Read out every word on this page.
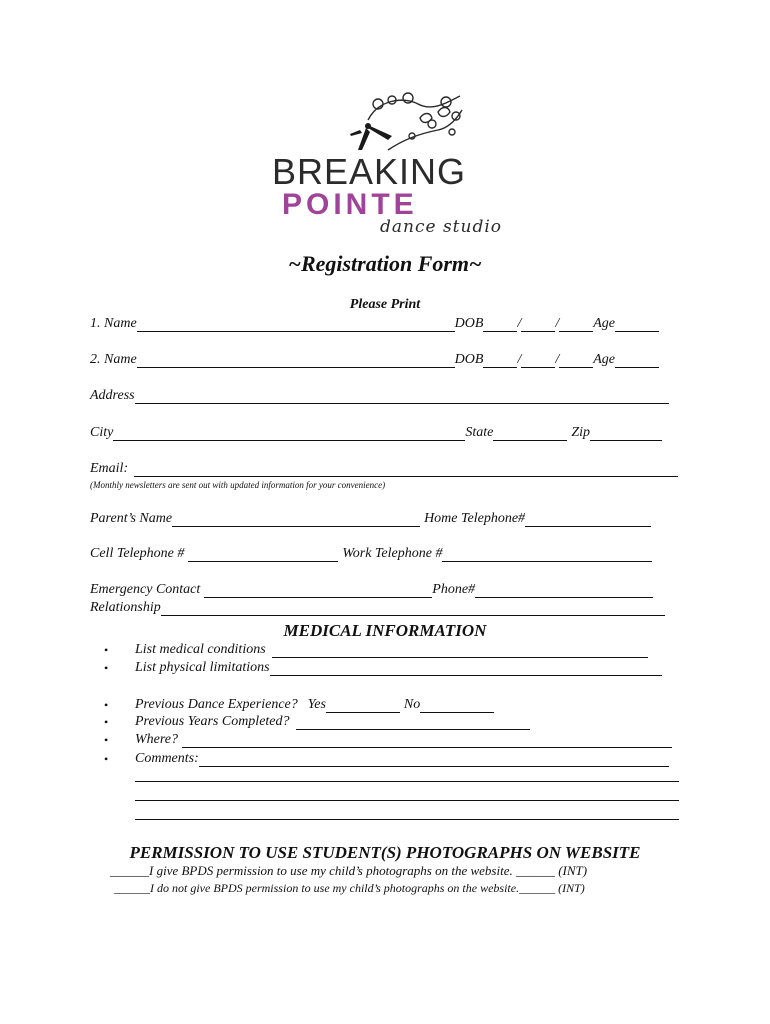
BREAKING
POINTE
dance studio
~Registration Form~
Please Print
1. Name	DOB / / Age
2. Name	DOB / / Age
Address
City	State	Zip
Email:
(Monthly newsletters are sent out with updated information for your convenience)
Parent’s Name	Home Telephone#
Cell Telephone #	Work Telephone #
Emergency Contact	Phone#
Relationship
MEDICAL INFORMATION
• List medical conditions
• List physical limitations
• Previous Dance Experience? Yes	No
• Previous Years Completed?
• Where?
• Comments:
PERMISSION TO USE STUDENT(S) PHOTOGRAPHS ON WEBSITE
______I give BPDS permission to use my child’s photographs on the website. ______ (INT)
______I do not give BPDS permission to use my child’s photographs on the website.______ (INT)
